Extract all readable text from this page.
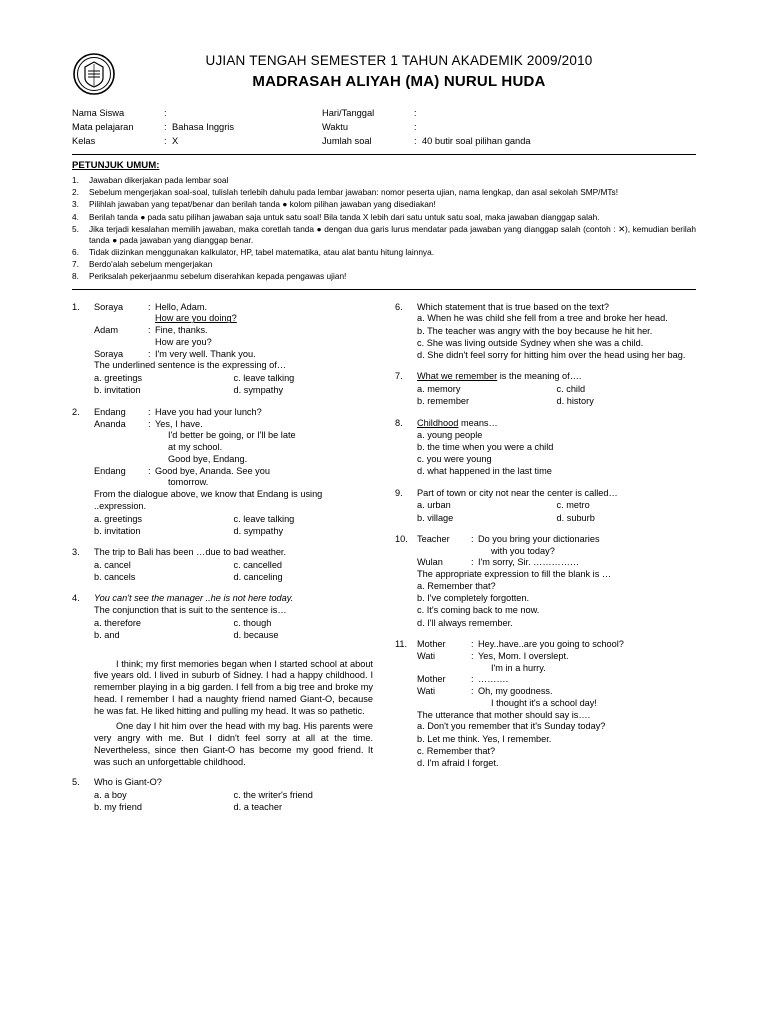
UJIAN TENGAH SEMESTER 1 TAHUN AKADEMIK 2009/2010
MADRASAH ALIYAH (MA) NURUL HUDA
Nama Siswa	:
Mata pelajaran	: Bahasa Inggris
Kelas	: X
Hari/Tanggal	:
Waktu	:
Jumlah soal	: 40 butir soal pilihan ganda
PETUNJUK UMUM:
1.	Jawaban dikerjakan pada lembar soal
2.	Sebelum mengerjakan soal-soal, tulislah terlebih dahulu pada lembar jawaban: nomor peserta ujian, nama lengkap, dan asal sekolah SMP/MTs!
3.	Pilihlah jawaban yang tepat/benar dan berilah tanda ● kolom pilihan jawaban yang disediakan!
4.	Berilah tanda ● pada satu pilihan jawaban saja untuk satu soal! Bila tanda X lebih dari satu untuk satu soal, maka jawaban dianggap salah.
5.	Jika terjadi kesalahan memilih jawaban, maka coretlah tanda ● dengan dua garis lurus mendatar pada jawaban yang dianggap salah (contoh : ✕), kemudian berilah tanda ● pada jawaban yang dianggap benar.
6.	Tidak diizinkan menggunakan kalkulator, HP, tabel matematika, atau alat bantu hitung lainnya.
7.	Berdo'alah sebelum mengerjakan
8.	Periksalah pekerjaanmu sebelum diserahkan kepada pengawas ujian!
1.	Soraya	: Hello, Adam.
How are you doing?
Adam	: Fine, thanks.
How are you?
Soraya	: I'm very well. Thank you.
The underlined sentence is the expressing of…
a. greetings
b. invitation
c. leave talking
d. sympathy
2.	Endang	: Have you had your lunch?
Ananda	: Yes, I have.
I'd better be going, or I'll be late
at my school.
Good bye, Endang.
Endang	: Good bye, Ananda. See you
tomorrow.
From the dialogue above, we know that Endang is using ..expression.
a. greetings
b. invitation
c. leave talking
d. sympathy
3.	The trip to Bali has been …due to bad weather.
a. cancel
b. cancels
c. cancelled
d. canceling
4.	You can't see the manager ..he is not here today.
The conjunction that is suit to the sentence is…
a. therefore
b. and
c. though
d. because
I think; my first memories began when I started school at about five years old. I lived in suburb of Sidney. I had a happy childhood. I remember playing in a big garden. I fell from a big tree and broke my head. I remember I had a naughty friend named Giant-O, because he was fat. He liked hitting and pulling my head. It was so pathetic.
One day I hit him over the head with my bag. His parents were very angry with me. But I didn't feel sorry at all at the time. Nevertheless, since then Giant-O has become my good friend. It was such an unforgettable childhood.
5.	Who is Giant-O?
a. a boy
b. my friend
c. the writer's friend
d. a teacher
6.	Which statement that is true based on the text?
a. When he was child she fell from a tree and broke her head.
b. The teacher was angry with the boy because he hit her.
c. She was living outside Sydney when she was a child.
d. She didn't feel sorry for hitting him over the head using her bag.
7.	What we remember is the meaning of….
a. memory
b. remember
c. child
d. history
8.	Childhood means…
a. young people
b. the time when you were a child
c. you were young
d. what happened in the last time
9.	Part of town or city not near the center is called…
a. urban
b. village
c. metro
d. suburb
10.	Teacher	: Do you bring your dictionaries
with you today?
Wulan	: I'm sorry, Sir. ……………
The appropriate expression to fill the blank is …
a. Remember that?
b. I've completely forgotten.
c. It's coming back to me now.
d. I'll always remember.
11.	Mother	: Hey..have..are you going to school?
Wati	: Yes, Mom. I overslept.
I'm in a hurry.
Mother	: ……….
Wati	: Oh, my goodness.
I thought it's a school day!
The utterance that mother should say is….
a. Don't you remember that it's Sunday today?
b. Let me think. Yes, I remember.
c. Remember that?
d. I'm afraid I forget.
